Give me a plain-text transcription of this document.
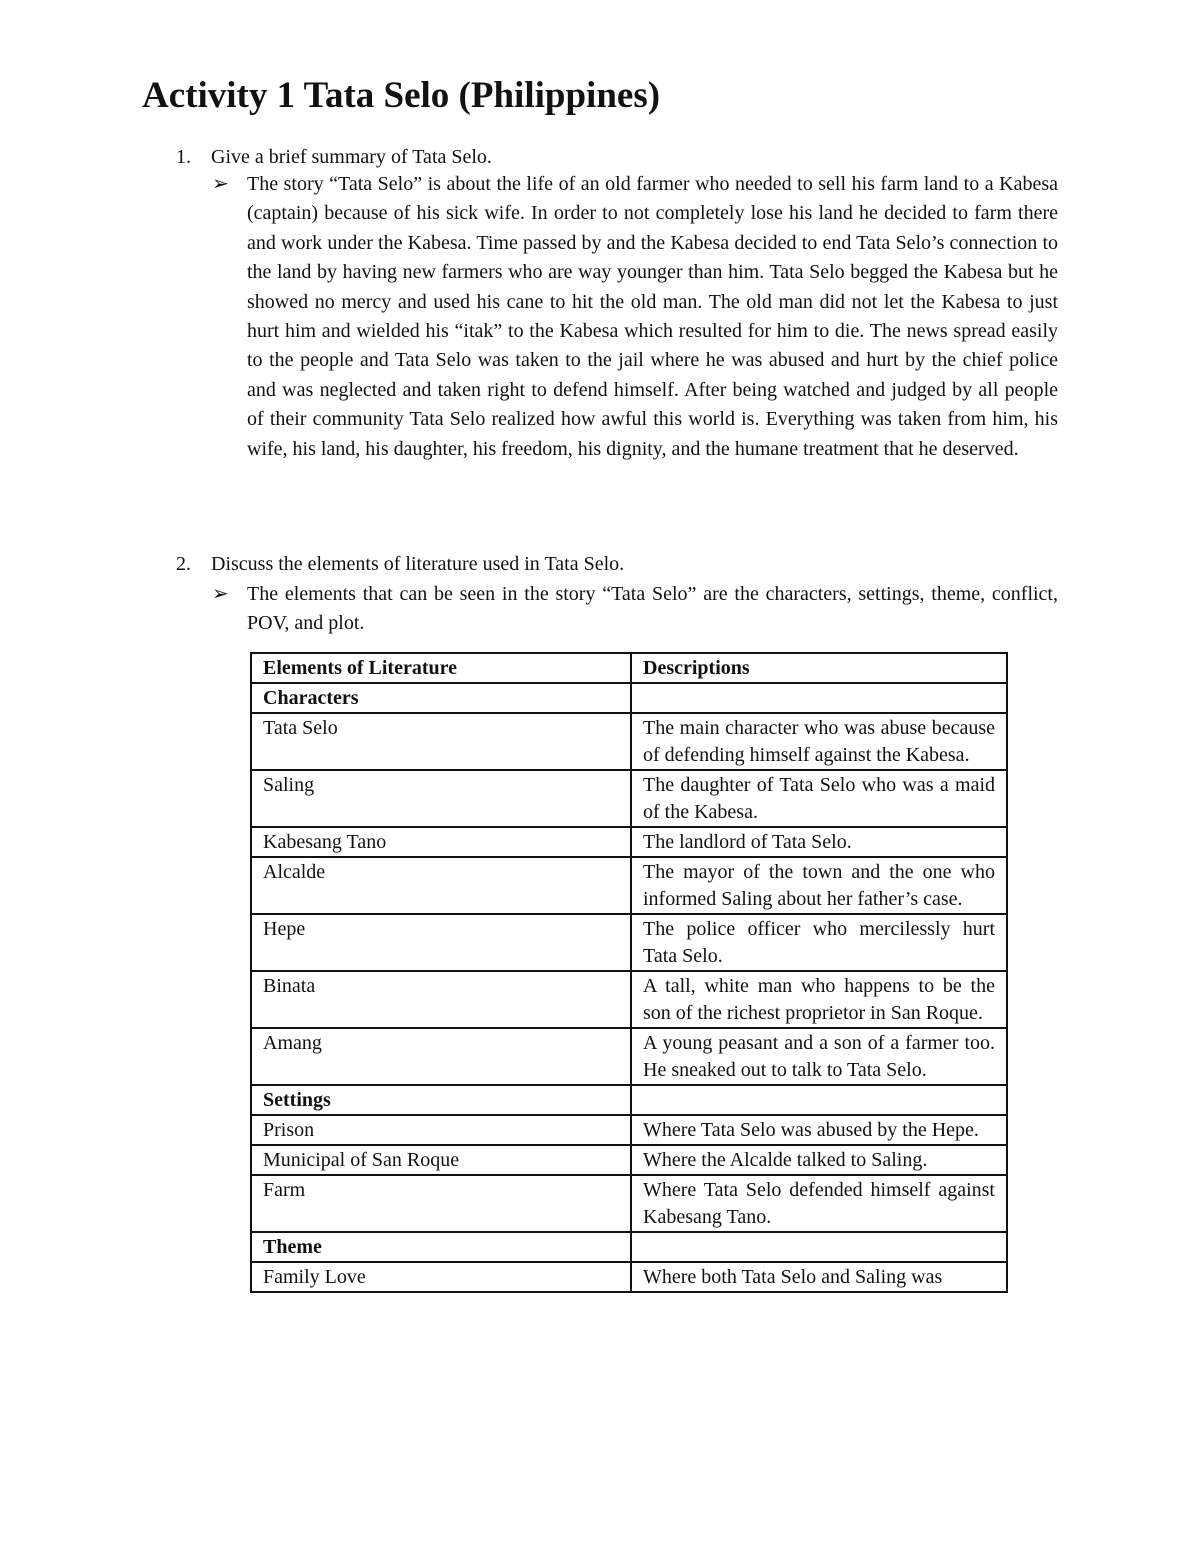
Activity 1 Tata Selo (Philippines)
1. Give a brief summary of Tata Selo.
➢ The story “Tata Selo” is about the life of an old farmer who needed to sell his farm land to a Kabesa (captain) because of his sick wife. In order to not completely lose his land he decided to farm there and work under the Kabesa. Time passed by and the Kabesa decided to end Tata Selo’s connection to the land by having new farmers who are way younger than him. Tata Selo begged the Kabesa but he showed no mercy and used his cane to hit the old man. The old man did not let the Kabesa to just hurt him and wielded his “itak” to the Kabesa which resulted for him to die. The news spread easily to the people and Tata Selo was taken to the jail where he was abused and hurt by the chief police and was neglected and taken right to defend himself. After being watched and judged by all people of their community Tata Selo realized how awful this world is. Everything was taken from him, his wife, his land, his daughter, his freedom, his dignity, and the humane treatment that he deserved.
2. Discuss the elements of literature used in Tata Selo.
➢ The elements that can be seen in the story “Tata Selo” are the characters, settings, theme, conflict, POV, and plot.
Elements of Literature	Descriptions
Characters	
Tata Selo	The main character who was abuse because of defending himself against the Kabesa.
Saling	The daughter of Tata Selo who was a maid of the Kabesa.
Kabesang Tano	The landlord of Tata Selo.
Alcalde	The mayor of the town and the one who informed Saling about her father’s case.
Hepe	The police officer who mercilessly hurt Tata Selo.
Binata	A tall, white man who happens to be the son of the richest proprietor in San Roque.
Amang	A young peasant and a son of a farmer too. He sneaked out to talk to Tata Selo.
Settings	
Prison	Where Tata Selo was abused by the Hepe.
Municipal of San Roque	Where the Alcalde talked to Saling.
Farm	Where Tata Selo defended himself against Kabesang Tano.
Theme	
Family Love	Where both Tata Selo and Saling was
